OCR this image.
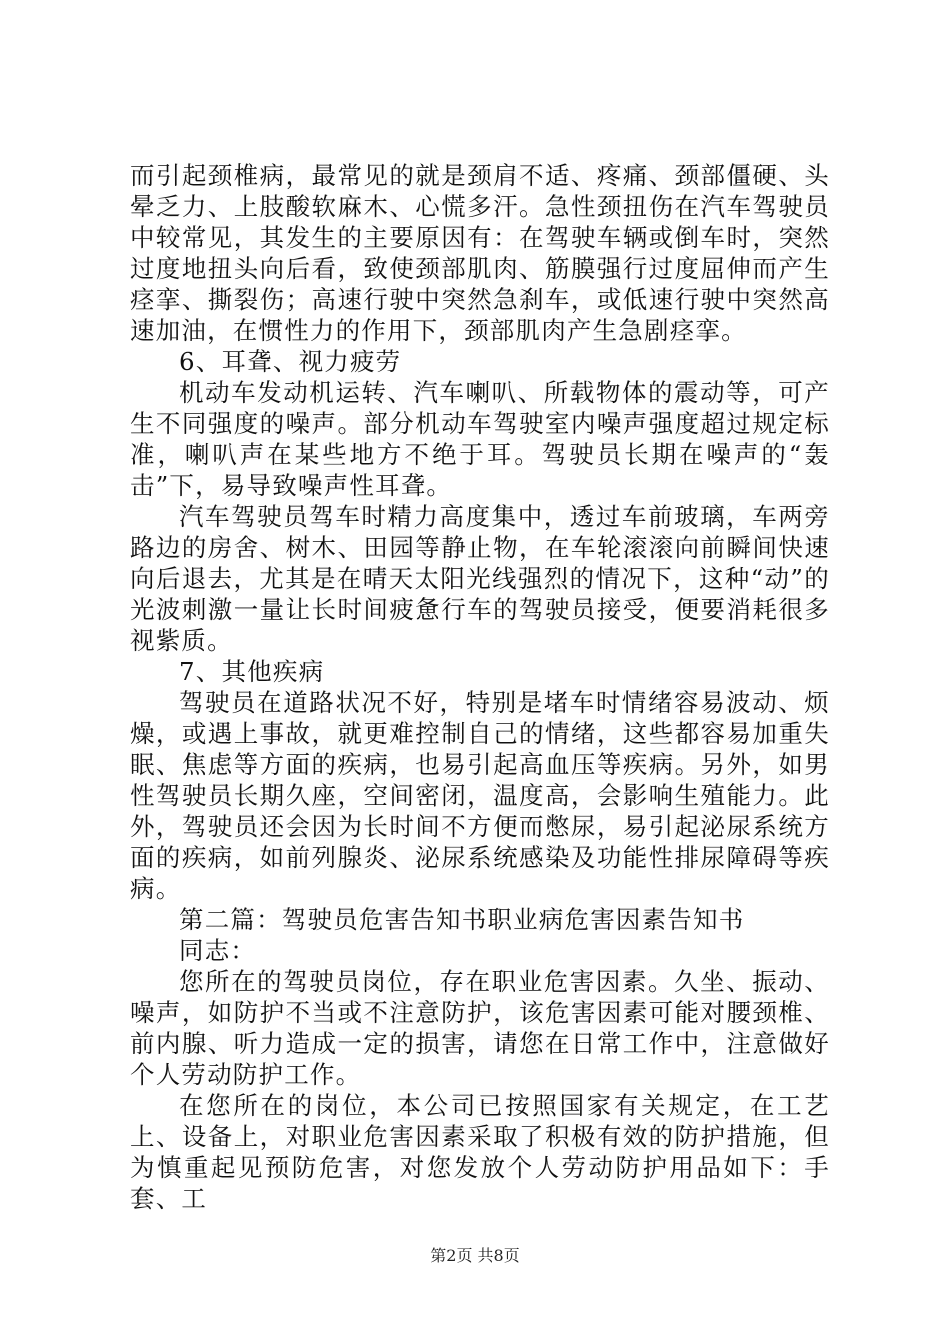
而引起颈椎病，最常见的就是颈肩不适、疼痛、颈部僵硬、头晕乏力、上肢酸软麻木、心慌多汗。急性颈扭伤在汽车驾驶员中较常见，其发生的主要原因有：在驾驶车辆或倒车时，突然过度地扭头向后看，致使颈部肌肉、筋膜强行过度屈伸而产生痉挛、撕裂伤；高速行驶中突然急刹车，或低速行驶中突然高速加油，在惯性力的作用下，颈部肌肉产生急剧痉挛。

6、耳聋、视力疲劳

机动车发动机运转、汽车喇叭、所载物体的震动等，可产生不同强度的噪声。部分机动车驾驶室内噪声强度超过规定标准，喇叭声在某些地方不绝于耳。驾驶员长期在噪声的“轰击”下，易导致噪声性耳聋。

汽车驾驶员驾车时精力高度集中，透过车前玻璃，车两旁路边的房舍、树木、田园等静止物，在车轮滚滚向前瞬间快速向后退去，尤其是在晴天太阳光线强烈的情况下，这种“动”的光波刺激一量让长时间疲惫行车的驾驶员接受，便要消耗很多视紫质。

7、其他疾病

驾驶员在道路状况不好，特别是堵车时情绪容易波动、烦燥，或遇上事故，就更难控制自己的情绪，这些都容易加重失眠、焦虑等方面的疾病，也易引起高血压等疾病。另外，如男性驾驶员长期久座，空间密闭，温度高，会影响生殖能力。此外，驾驶员还会因为长时间不方便而憋尿，易引起泌尿系统方面的疾病，如前列腺炎、泌尿系统感染及功能性排尿障碍等疾病。

第二篇：驾驶员危害告知书职业病危害因素告知书

同志：

您所在的驾驶员岗位，存在职业危害因素。久坐、振动、噪声，如防护不当或不注意防护，该危害因素可能对腰颈椎、前内腺、听力造成一定的损害，请您在日常工作中，注意做好个人劳动防护工作。

在您所在的岗位，本公司已按照国家有关规定，在工艺上、设备上，对职业危害因素采取了积极有效的防护措施，但为慎重起见预防危害，对您发放个人劳动防护用品如下：手套、工

第2页 共8页
